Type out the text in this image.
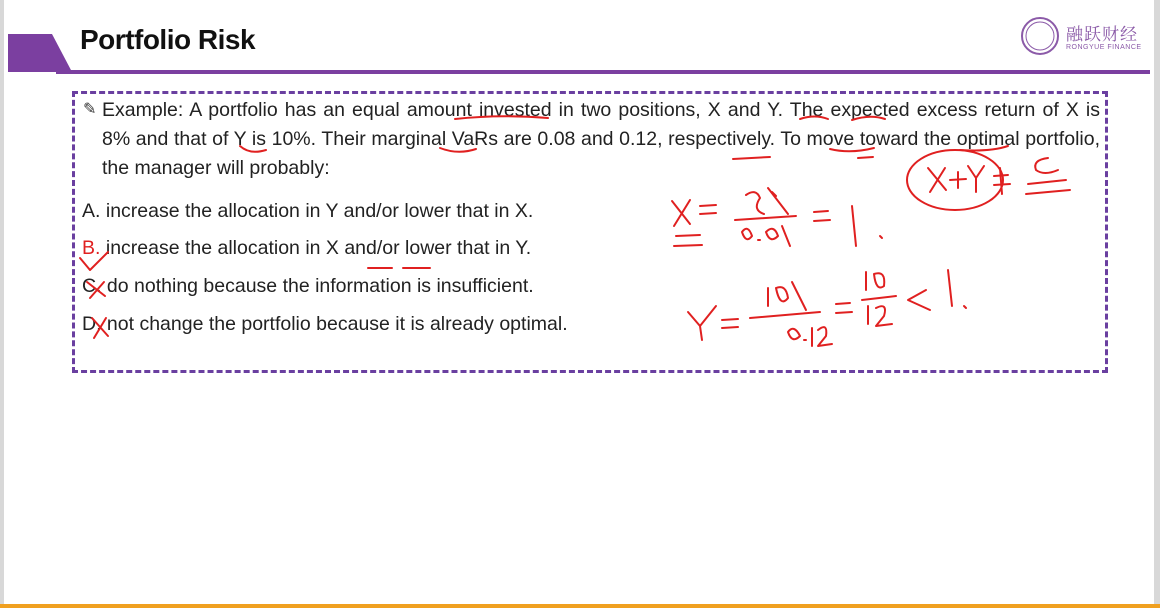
Portfolio Risk	融跃财经
RONGYUE FINANCE
✎ Example: A portfolio has an equal amount invested in two positions, X and Y. The expected excess return of X is 8% and that of Y is 10%. Their marginal VaRs are 0.08 and 0.12, respectively. To move toward the optimal portfolio, the manager will probably:
A. increase the allocation in Y and/or lower that in X.
B. increase the allocation in X and/or lower that in Y.
C. do nothing because the information is insufficient.
D. not change the portfolio because it is already optimal.
